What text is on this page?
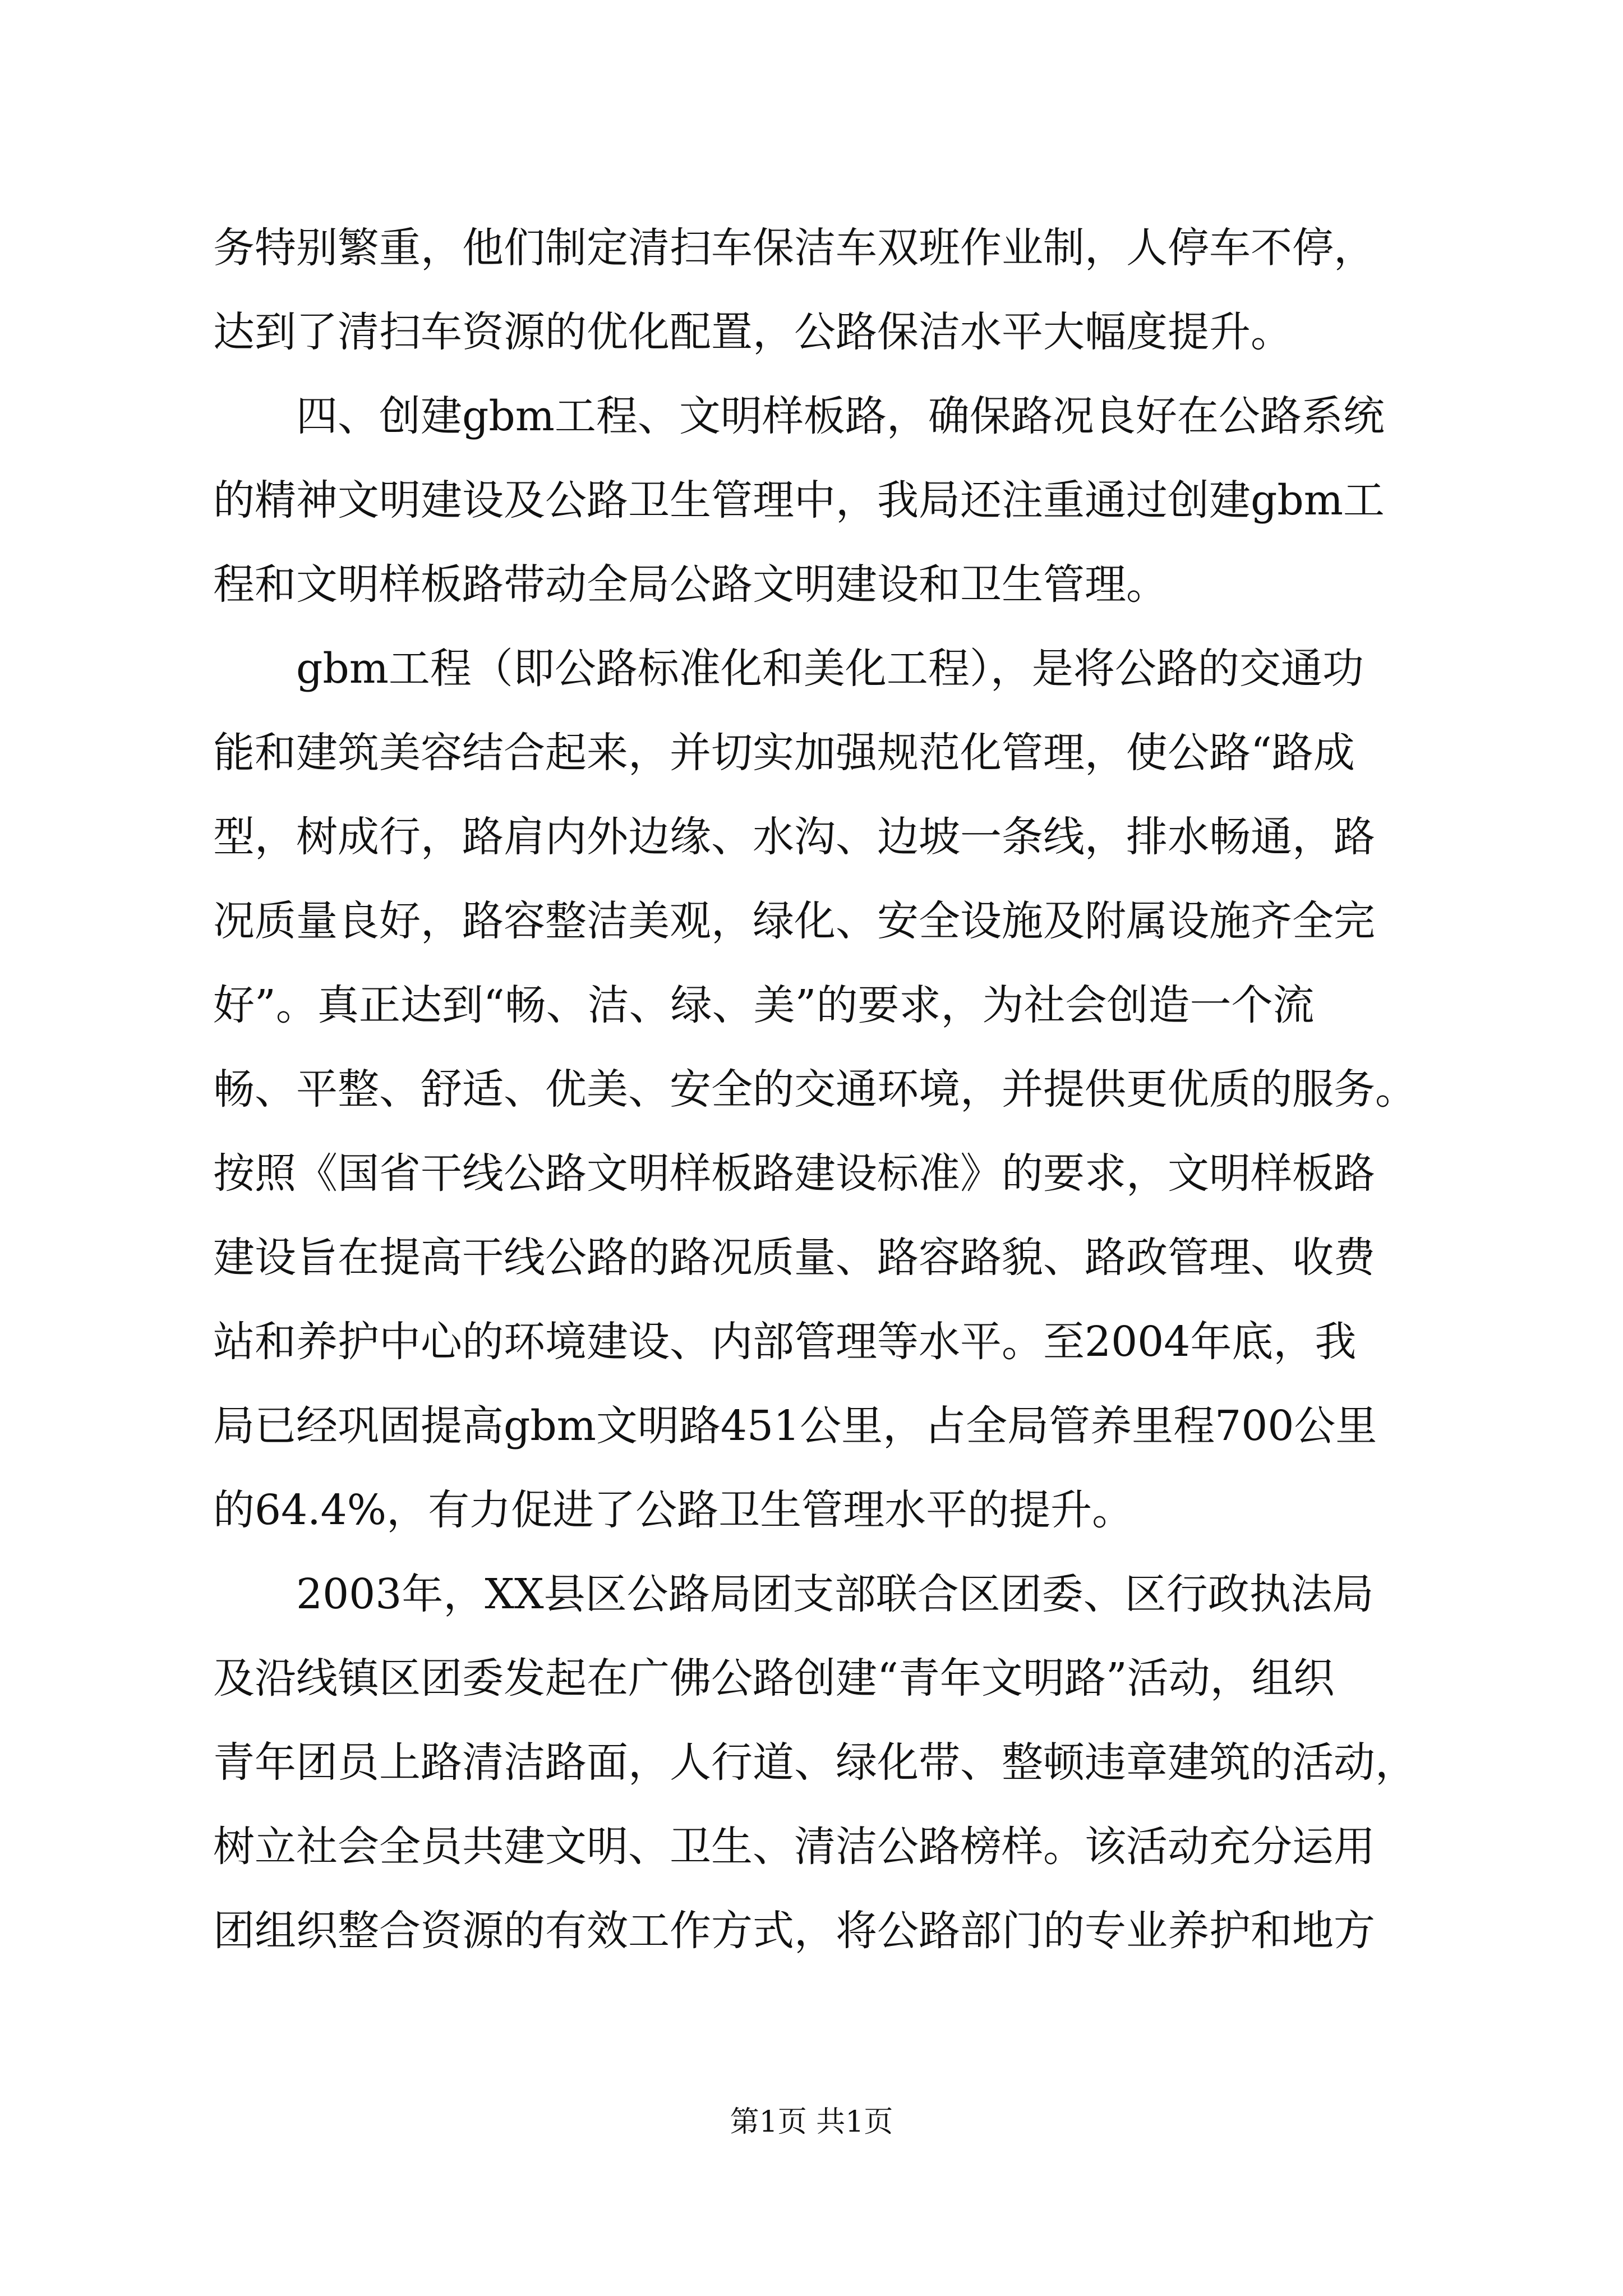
务特别繁重，他们制定清扫车保洁车双班作业制，人停车不停，
达到了清扫车资源的优化配置，公路保洁水平大幅度提升。
　　四、创建gbm工程、文明样板路，确保路况良好在公路系统
的精神文明建设及公路卫生管理中，我局还注重通过创建gbm工
程和文明样板路带动全局公路文明建设和卫生管理。
　　gbm工程（即公路标准化和美化工程），是将公路的交通功
能和建筑美容结合起来，并切实加强规范化管理，使公路“路成
型，树成行，路肩内外边缘、水沟、边坡一条线，排水畅通，路
况质量良好，路容整洁美观，绿化、安全设施及附属设施齐全完
好”。真正达到“畅、洁、绿、美”的要求，为社会创造一个流
畅、平整、舒适、优美、安全的交通环境，并提供更优质的服务。
按照《国省干线公路文明样板路建设标准》的要求，文明样板路
建设旨在提高干线公路的路况质量、路容路貌、路政管理、收费
站和养护中心的环境建设、内部管理等水平。至2004年底，我
局已经巩固提高gbm文明路451公里，占全局管养里程700公里
的64.4%，有力促进了公路卫生管理水平的提升。
　　2003年，XX县区公路局团支部联合区团委、区行政执法局
及沿线镇区团委发起在广佛公路创建“青年文明路”活动，组织
青年团员上路清洁路面，人行道、绿化带、整顿违章建筑的活动，
树立社会全员共建文明、卫生、清洁公路榜样。该活动充分运用
团组织整合资源的有效工作方式，将公路部门的专业养护和地方
第1页 共1页
